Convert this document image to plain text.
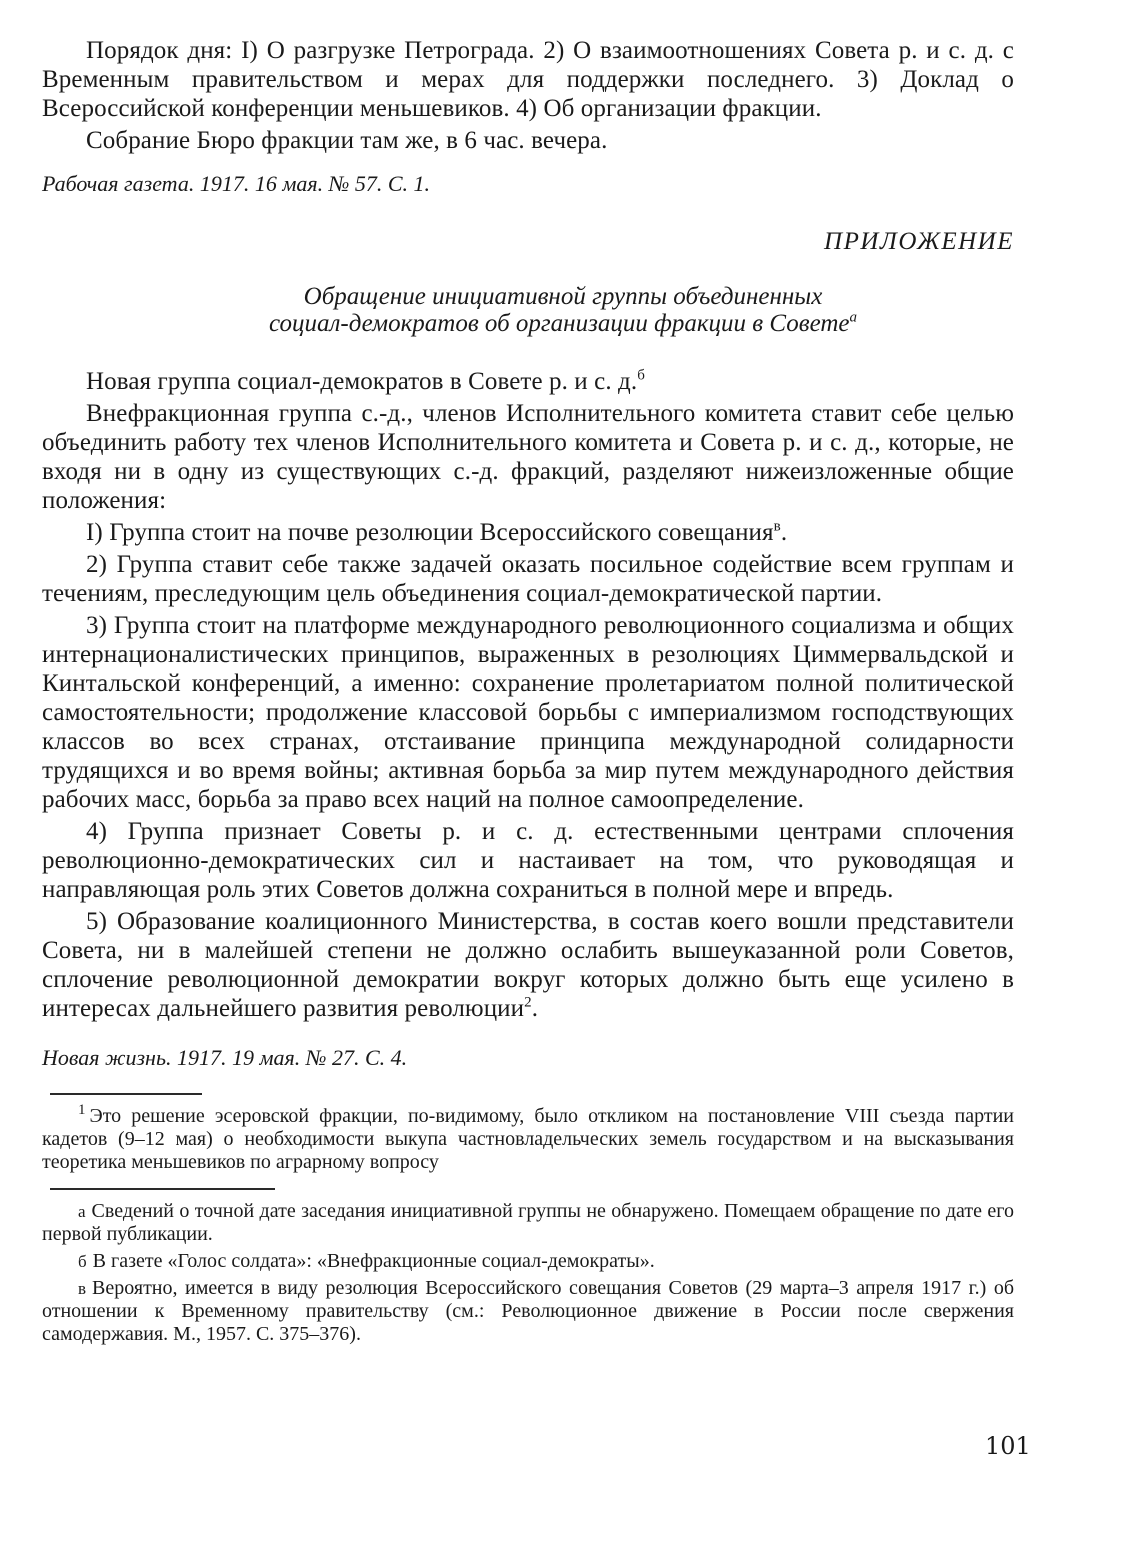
Порядок дня: I) О разгрузке Петрограда. 2) О взаимоотношениях Совета р. и с. д. с Временным правительством и мерах для поддержки последнего. 3) Доклад о Всероссийской конференции меньшевиков. 4) Об организации фракции.

Собрание Бюро фракции там же, в 6 час. вечера.

Рабочая газета. 1917. 16 мая. № 57. С. 1.

ПРИЛОЖЕНИЕ

Обращение инициативной группы объединенных
социал-демократов об организации фракции в Совете$^а$

Новая группа социал-демократов в Совете р. и с. д.$^б$

Внефракционная группа с.-д., членов Исполнительного комитета ставит себе целью объединить работу тех членов Исполнительного комитета и Совета р. и с. д., которые, не входя ни в одну из существующих с.-д. фракций, разделяют нижеизложенные общие положения:

I) Группа стоит на почве резолюции Всероссийского совещания$^в$.

2) Группа ставит себе также задачей оказать посильное содействие всем группам и течениям, преследующим цель объединения социал-демократической партии.

3) Группа стоит на платформе международного революционного социализма и общих интернационалистических принципов, выраженных в резолюциях Циммервальдской и Кинтальской конференций, а именно: сохранение пролетариатом полной политической самостоятельности; продолжение классовой борьбы с империализмом господствующих классов во всех странах, отстаивание принципа международной солидарности трудящихся и во время войны; активная борьба за мир путем международного действия рабочих масс, борьба за право всех наций на полное самоопределение.

4) Группа признает Советы р. и с. д. естественными центрами сплочения революционно-демократических сил и настаивает на том, что руководящая и направляющая роль этих Советов должна сохраниться в полной мере и впредь.

5) Образование коалиционного Министерства, в состав коего вошли представители Совета, ни в малейшей степени не должно ослабить вышеуказанной роли Советов, сплочение революционной демократии вокруг которых должно быть еще усилено в интересах дальнейшего развития революции$^2$.

Новая жизнь. 1917. 19 мая. № 27. С. 4.

$^1$ Это решение эсеровской фракции, по-видимому, было откликом на постановление VIII съезда партии кадетов (9–12 мая) о необходимости выкупа частновладельческих земель государством и на высказывания теоретика меньшевиков по аграрному вопросу

а Сведений о точной дате заседания инициативной группы не обнаружено. Помещаем обращение по дате его первой публикации.

б В газете «Голос солдата»: «Внефракционные социал-демократы».

в Вероятно, имеется в виду резолюция Всероссийского совещания Советов (29 марта–3 апреля 1917 г.) об отношении к Временному правительству (см.: Революционное движение в России после свержения самодержавия. М., 1957. С. 375–376).

101
